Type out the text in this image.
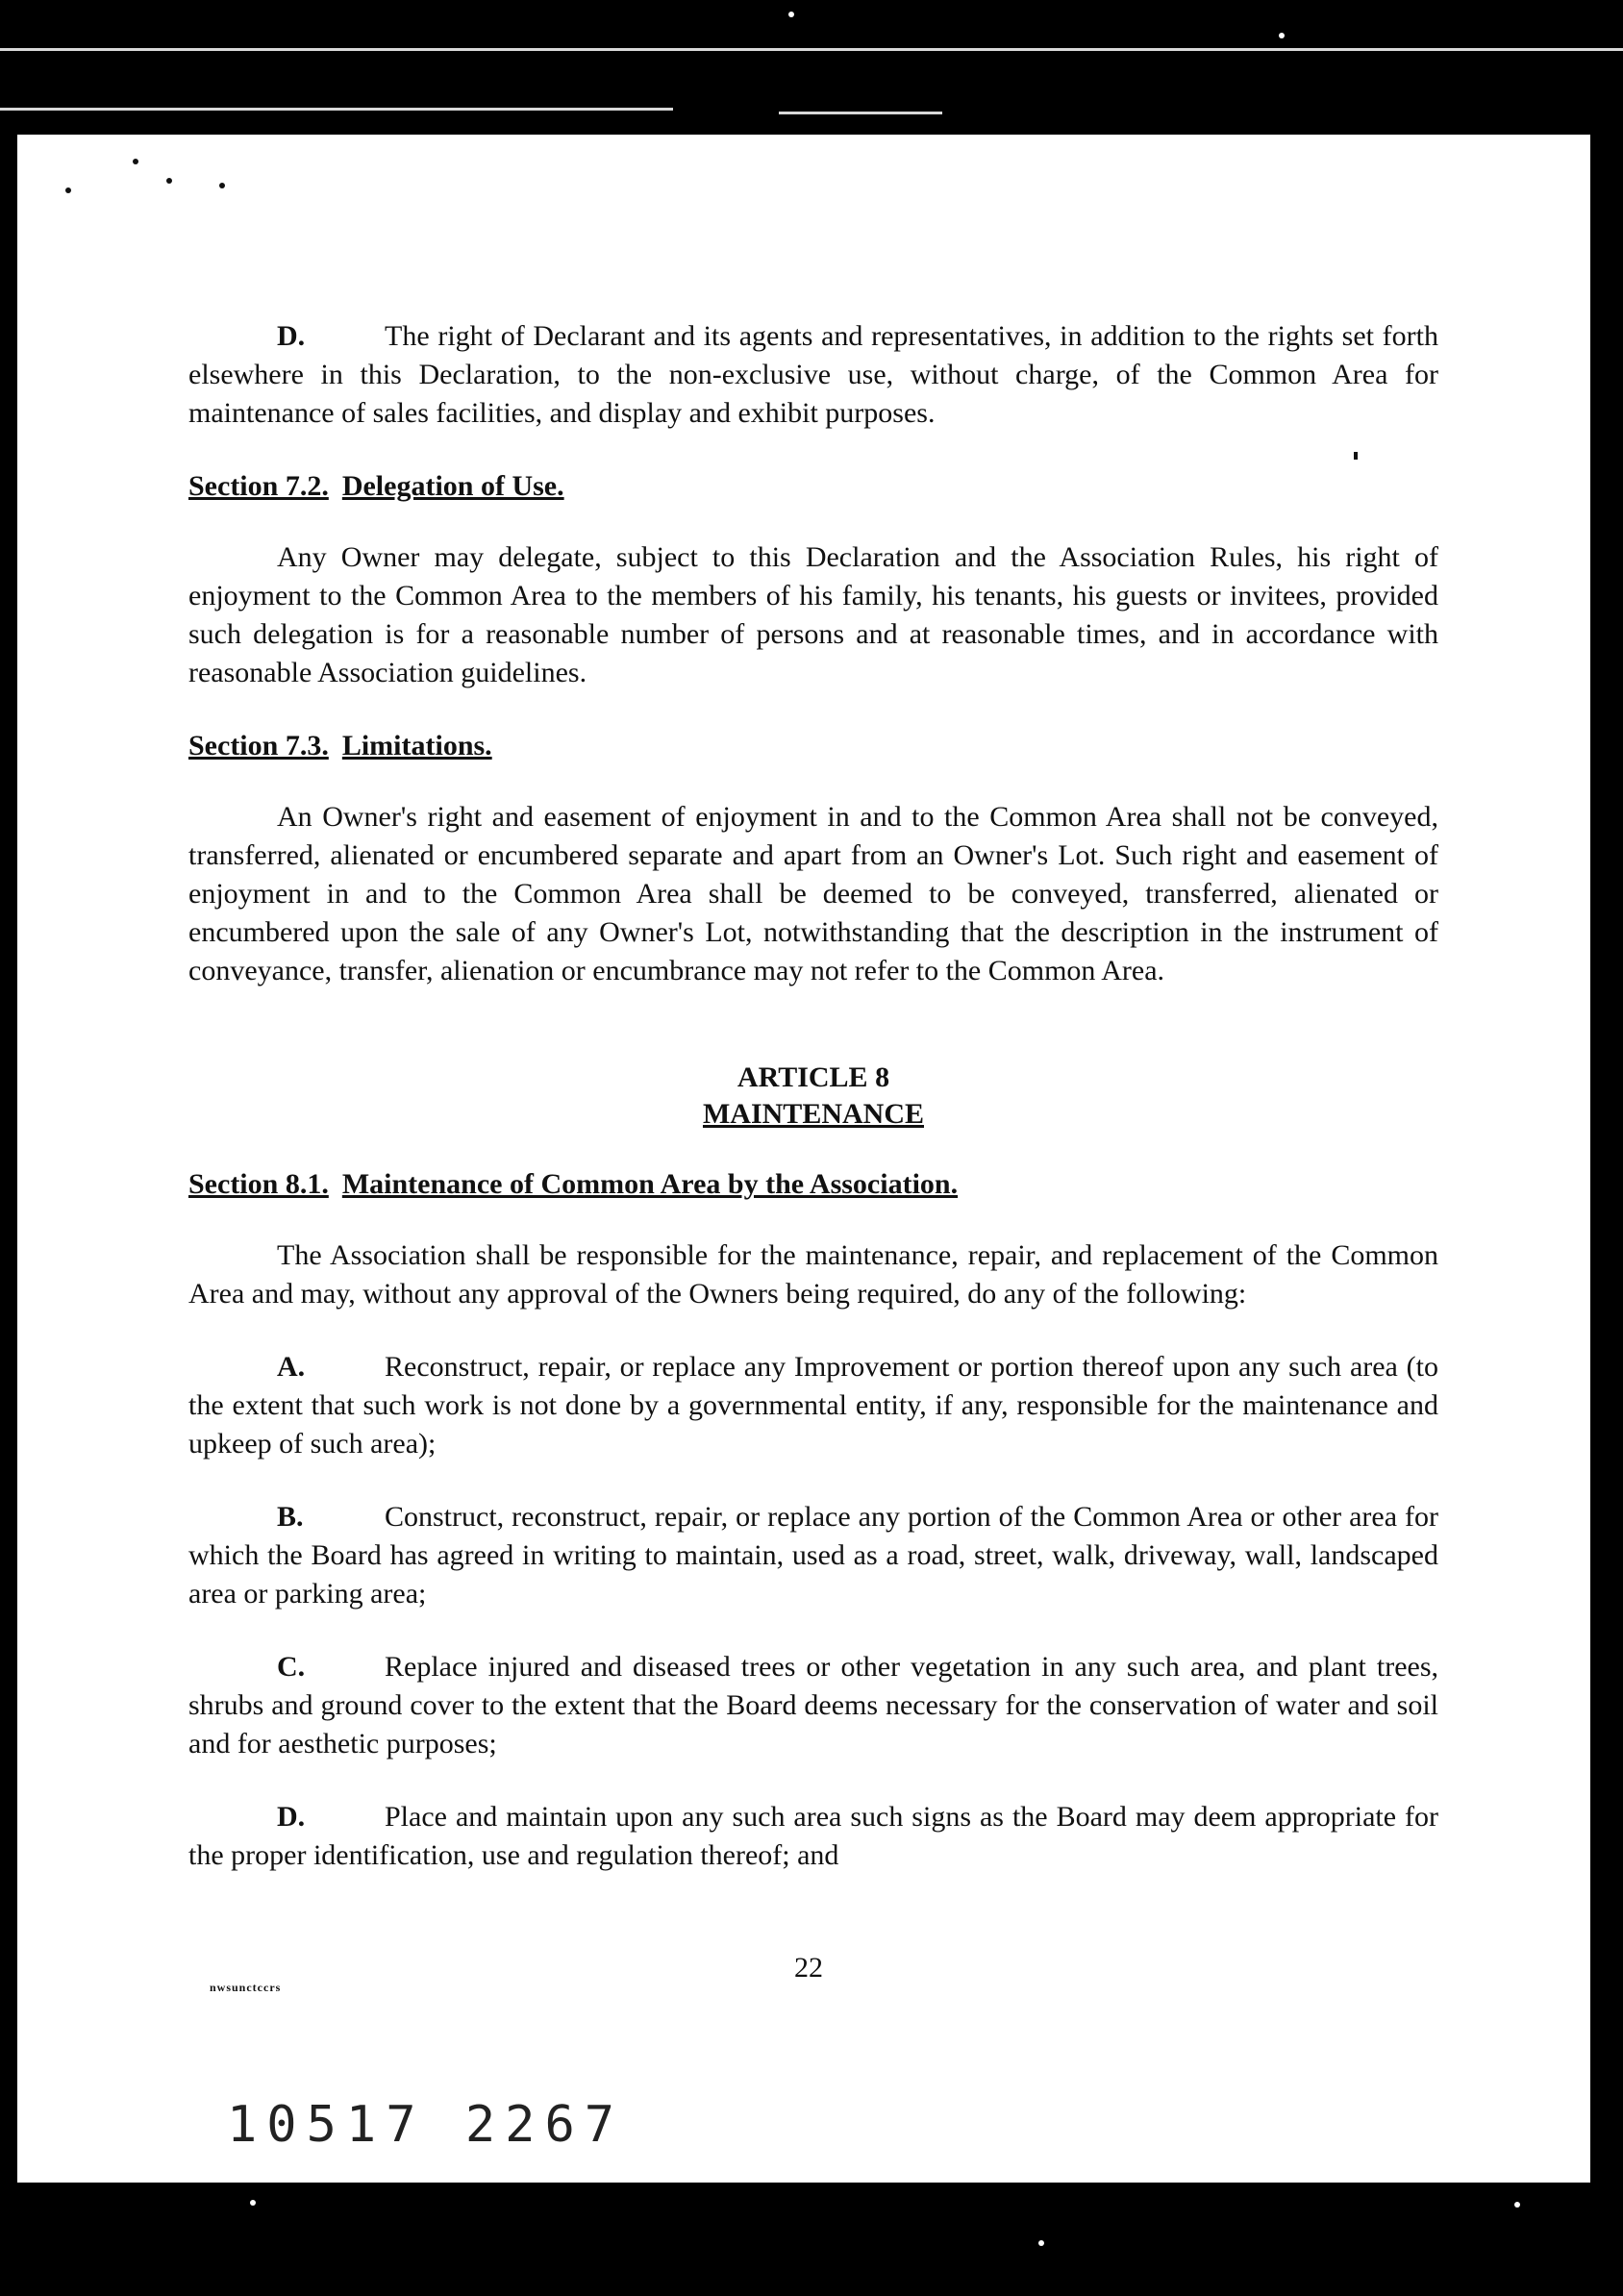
D.	The right of Declarant and its agents and representatives, in addition to the rights set forth elsewhere in this Declaration, to the non-exclusive use, without charge, of the Common Area for maintenance of sales facilities, and display and exhibit purposes.

Section 7.2. Delegation of Use.

Any Owner may delegate, subject to this Declaration and the Association Rules, his right of enjoyment to the Common Area to the members of his family, his tenants, his guests or invitees, provided such delegation is for a reasonable number of persons and at reasonable times, and in accordance with reasonable Association guidelines.

Section 7.3. Limitations.

An Owner's right and easement of enjoyment in and to the Common Area shall not be conveyed, transferred, alienated or encumbered separate and apart from an Owner's Lot. Such right and easement of enjoyment in and to the Common Area shall be deemed to be conveyed, transferred, alienated or encumbered upon the sale of any Owner's Lot, notwithstanding that the description in the instrument of conveyance, transfer, alienation or encumbrance may not refer to the Common Area.

ARTICLE 8
MAINTENANCE
Section 8.1. Maintenance of Common Area by the Association.

The Association shall be responsible for the maintenance, repair, and replacement of the Common Area and may, without any approval of the Owners being required, do any of the following:

A.	Reconstruct, repair, or replace any Improvement or portion thereof upon any such area (to the extent that such work is not done by a governmental entity, if any, responsible for the maintenance and upkeep of such area);

B.	Construct, reconstruct, repair, or replace any portion of the Common Area or other area for which the Board has agreed in writing to maintain, used as a road, street, walk, driveway, wall, landscaped area or parking area;

C.	Replace injured and diseased trees or other vegetation in any such area, and plant trees, shrubs and ground cover to the extent that the Board deems necessary for the conservation of water and soil and for aesthetic purposes;

D.	Place and maintain upon any such area such signs as the Board may deem appropriate for the proper identification, use and regulation thereof; and

22
nwsunctccrs
10517 2267
